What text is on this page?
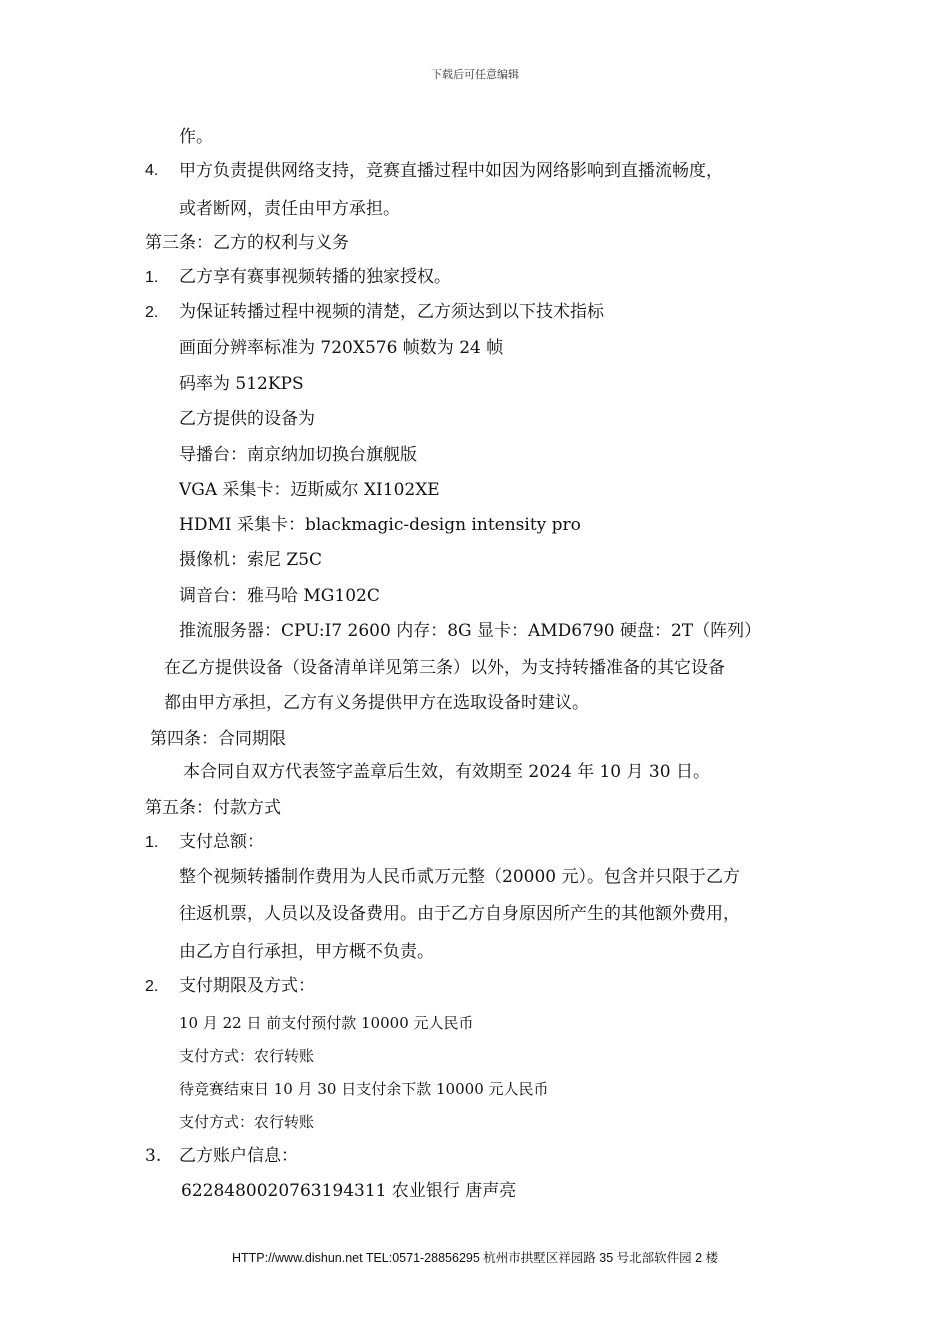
下载后可任意编辑
作。
4. 甲方负责提供网络支持，竞赛直播过程中如因为网络影响到直播流畅度，
或者断网，责任由甲方承担。
第三条：乙方的权利与义务
1. 乙方享有赛事视频转播的独家授权。
2. 为保证转播过程中视频的清楚，乙方须达到以下技术指标
画面分辨率标准为 720X576 帧数为 24 帧
码率为 512KPS
乙方提供的设备为
导播台：南京纳加切换台旗舰版
VGA 采集卡：迈斯威尔 XI102XE
HDMI 采集卡：blackmagic-design intensity pro
摄像机：索尼 Z5C
调音台：雅马哈 MG102C
推流服务器：CPU:I7 2600 内存：8G 显卡：AMD6790 硬盘：2T（阵列）
在乙方提供设备（设备清单详见第三条）以外，为支持转播准备的其它设备
都由甲方承担，乙方有义务提供甲方在选取设备时建议。
第四条：合同期限
本合同自双方代表签字盖章后生效，有效期至 2024 年 10 月 30 日。
第五条：付款方式
1. 支付总额：
整个视频转播制作费用为人民币贰万元整（20000 元）。包含并只限于乙方
往返机票，人员以及设备费用。由于乙方自身原因所产生的其他额外费用，
由乙方自行承担，甲方概不负责。
2. 支付期限及方式：
10 月 22 日 前支付预付款 10000 元人民币
支付方式：农行转账
待竞赛结束日 10 月 30 日支付余下款 10000 元人民币
支付方式：农行转账
3. 乙方账户信息：
6228480020763194311 农业银行 唐声亮
HTTP://www.dishun.net TEL:0571-28856295 杭州市拱墅区祥园路 35 号北部软件园 2 楼
